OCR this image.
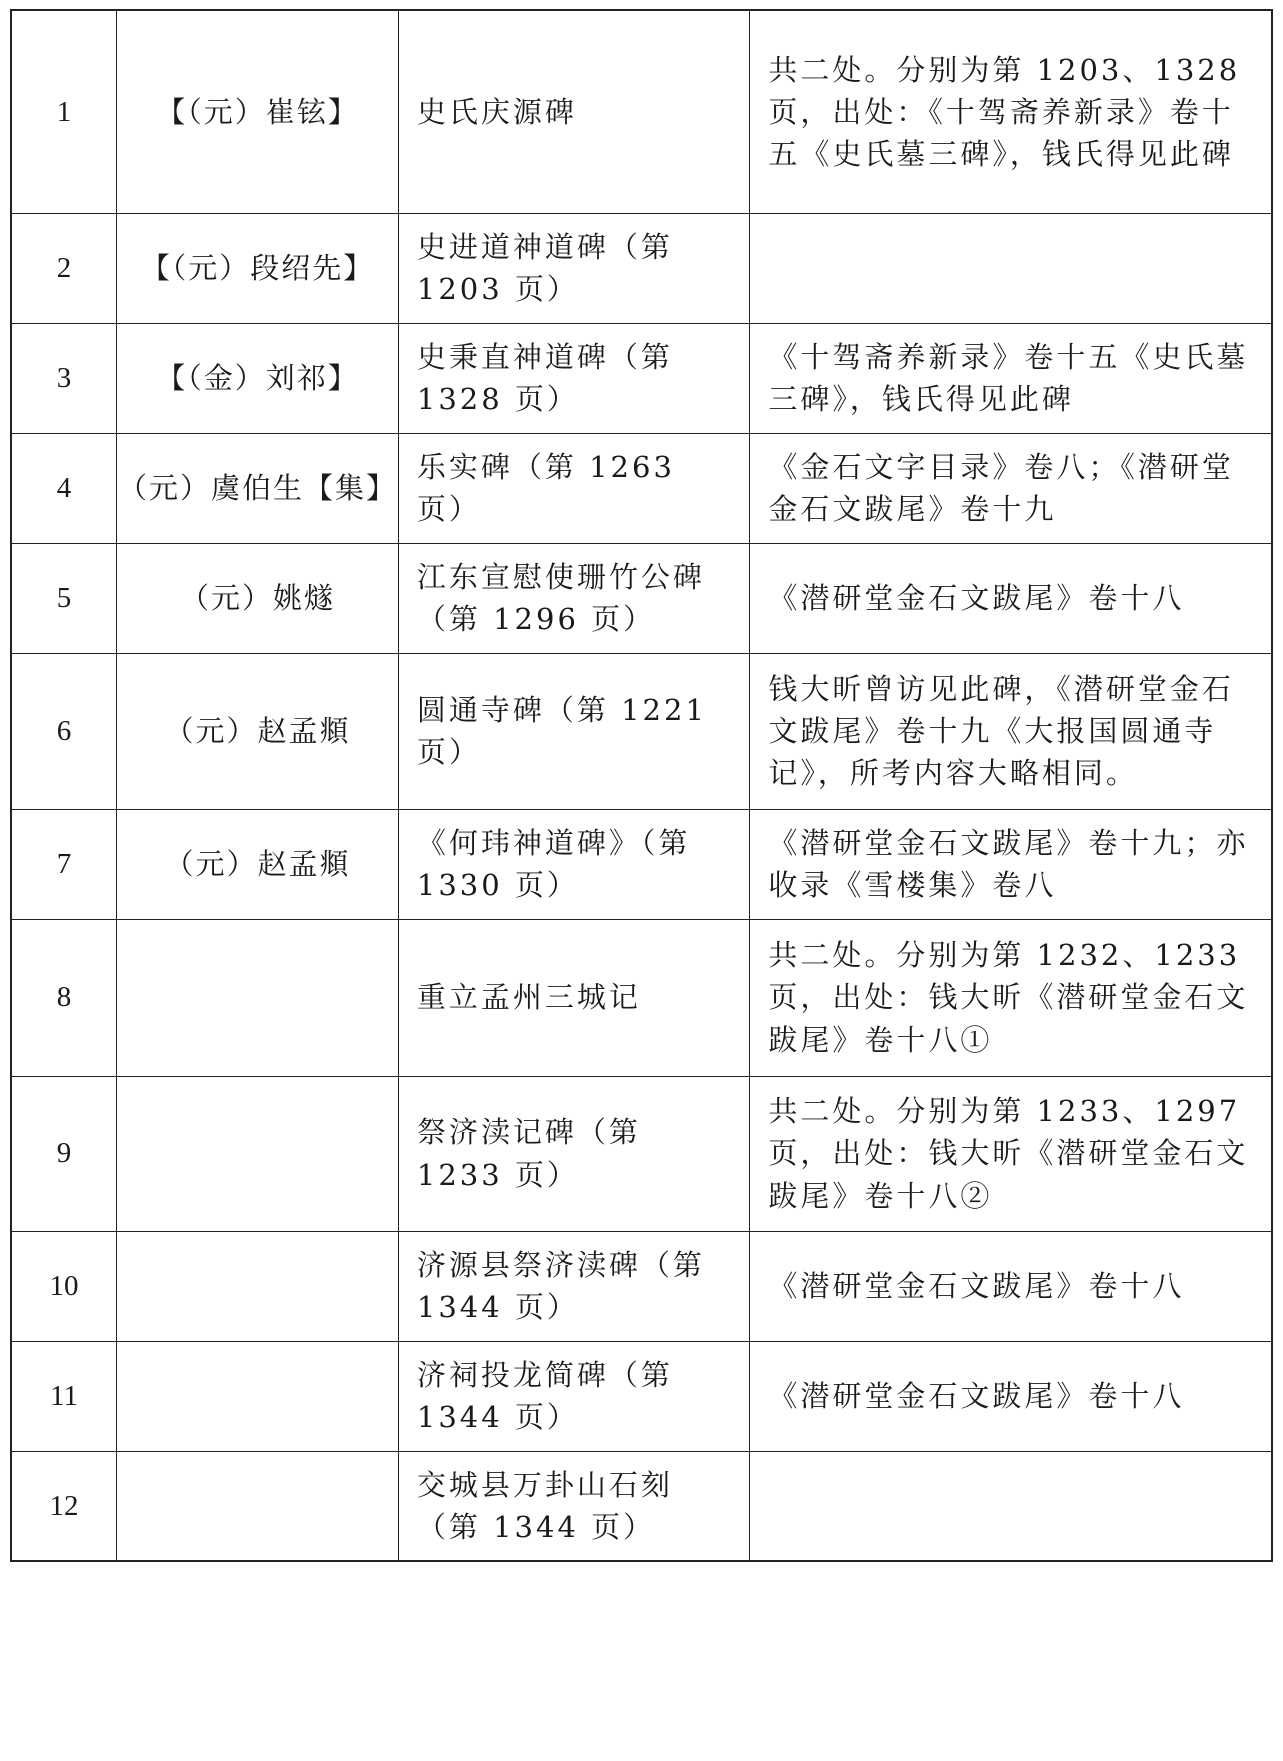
1	【（元）崔铉】	史氏庆源碑	共二处。分别为第 1203、1328 页，出处：《十驾斋养新录》卷十五《史氏墓三碑》，钱氏得见此碑
2	【（元）段绍先】	史进道神道碑（第 1203 页）	
3	【（金）刘祁】	史秉直神道碑（第 1328 页）	《十驾斋养新录》卷十五《史氏墓三碑》，钱氏得见此碑
4	（元）虞伯生【集】	乐实碑（第 1263 页）	《金石文字目录》卷八；《潜研堂金石文跋尾》卷十九
5	（元）姚燧	江东宣慰使珊竹公碑（第 1296 页）	《潜研堂金石文跋尾》卷十八
6	（元）赵孟頫	圆通寺碑（第 1221 页）	钱大昕曾访见此碑，《潜研堂金石文跋尾》卷十九《大报国圆通寺记》，所考内容大略相同。
7	（元）赵孟頫	《何玮神道碑》（第 1330 页）	《潜研堂金石文跋尾》卷十九；亦收录《雪楼集》卷八
8		重立孟州三城记	共二处。分别为第 1232、1233 页，出处：钱大昕《潜研堂金石文跋尾》卷十八①
9		祭济渎记碑（第 1233 页）	共二处。分别为第 1233、1297 页，出处：钱大昕《潜研堂金石文跋尾》卷十八②
10		济源县祭济渎碑（第 1344 页）	《潜研堂金石文跋尾》卷十八
11		济祠投龙简碑（第 1344 页）	《潜研堂金石文跋尾》卷十八
12		交城县万卦山石刻（第 1344 页）	
